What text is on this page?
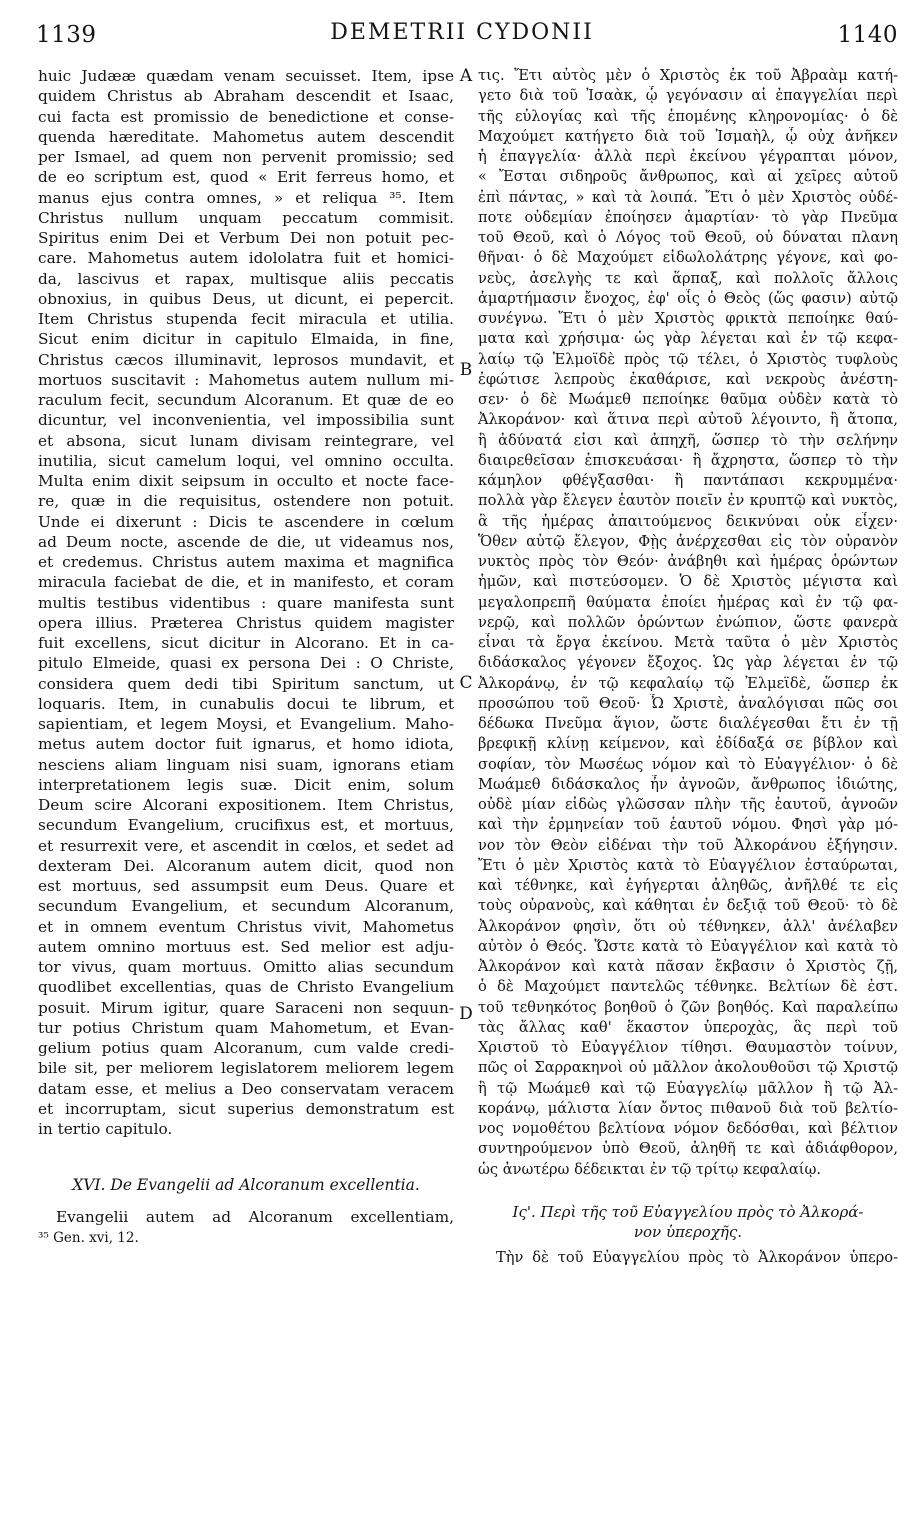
1139	DEMETRII CYDONII	1140
A
B
C
D
huic Judææ quædam venam secuisset. Item, ipse
quidem Christus ab Abraham descendit et Isaac,
cui facta est promissio de benedictione et conse-
quenda hæreditate. Mahometus autem descendit
per Ismael, ad quem non pervenit promissio; sed
de eo scriptum est, quod « Erit ferreus homo, et
manus ejus contra omnes, » et reliqua ³⁵. Item
Christus nullum unquam peccatum commisit.
Spiritus enim Dei et Verbum Dei non potuit pec-
care. Mahometus autem idololatra fuit et homici-
da, lascivus et rapax, multisque aliis peccatis
obnoxius, in quibus Deus, ut dicunt, ei pepercit.
Item Christus stupenda fecit miracula et utilia.
Sicut enim dicitur in capitulo Elmaida, in fine,
Christus cæcos illuminavit, leprosos mundavit, et
mortuos suscitavit : Mahometus autem nullum mi-
raculum fecit, secundum Alcoranum. Et quæ de eo
dicuntur, vel inconvenientia, vel impossibilia sunt
et absona, sicut lunam divisam reintegrare, vel
inutilia, sicut camelum loqui, vel omnino occulta.
Multa enim dixit seipsum in occulto et nocte face-
re, quæ in die requisitus, ostendere non potuit.
Unde ei dixerunt : Dicis te ascendere in cœlum
ad Deum nocte, ascende de die, ut videamus nos,
et credemus. Christus autem maxima et magnifica
miracula faciebat de die, et in manifesto, et coram
multis testibus videntibus : quare manifesta sunt
opera illius. Præterea Christus quidem magister
fuit excellens, sicut dicitur in Alcorano. Et in ca-
pitulo Elmeide, quasi ex persona Dei : O Christe,
considera quem dedi tibi Spiritum sanctum, ut
loquaris. Item, in cunabulis docui te librum, et
sapientiam, et legem Moysi, et Evangelium. Maho-
metus autem doctor fuit ignarus, et homo idiota,
nesciens aliam linguam nisi suam, ignorans etiam
interpretationem legis suæ. Dicit enim, solum
Deum scire Alcorani expositionem. Item Christus,
secundum Evangelium, crucifixus est, et mortuus,
et resurrexit vere, et ascendit in cœlos, et sedet ad
dexteram Dei. Alcoranum autem dicit, quod non
est mortuus, sed assumpsit eum Deus. Quare et
secundum Evangelium, et secundum Alcoranum,
et in omnem eventum Christus vivit, Mahometus
autem omnino mortuus est. Sed melior est adju-
tor vivus, quam mortuus. Omitto alias secundum
quodlibet excellentias, quas de Christo Evangelium
posuit. Mirum igitur, quare Saraceni non sequun-
tur potius Christum quam Mahometum, et Evan-
gelium potius quam Alcoranum, cum valde credi-
bile sit, per meliorem legislatorem meliorem legem
datam esse, et melius a Deo conservatam veracem
et incorruptam, sicut superius demonstratum est
in tertio capitulo.
XVI. De Evangelii ad Alcoranum excellentia.
Evangelii autem ad Alcoranum excellentiam,
³⁵ Gen. xvi, 12.
τις. Ἔτι αὐτὸς μὲν ὁ Χριστὸς ἐκ τοῦ Ἀβραὰμ κατή-
γετο διὰ τοῦ Ἰσαὰκ, ᾧ γεγόνασιν αἱ ἐπαγγελίαι περὶ
τῆς εὐλογίας καὶ τῆς ἑπομένης κληρονομίας· ὁ δὲ
Μαχούμετ κατήγετο διὰ τοῦ Ἰσμαὴλ, ᾧ οὐχ ἀνῆκεν
ἡ ἐπαγγελία· ἀλλὰ περὶ ἐκείνου γέγραπται μόνον,
« Ἔσται σιδηροῦς ἄνθρωπος, καὶ αἱ χεῖρες αὐτοῦ
ἐπὶ πάντας, » καὶ τὰ λοιπά. Ἔτι ὁ μὲν Χριστὸς οὐδέ-
ποτε οὐδεμίαν ἐποίησεν ἁμαρτίαν· τὸ γὰρ Πνεῦμα
τοῦ Θεοῦ, καὶ ὁ Λόγος τοῦ Θεοῦ, οὐ δύναται πλανη
θῆναι· ὁ δὲ Μαχούμετ εἰδωλολάτρης γέγονε, καὶ φο-
νεὺς, ἀσελγὴς τε καὶ ἅρπαξ, καὶ πολλοῖς ἄλλοις
ἁμαρτήμασιν ἔνοχος, ἐφ' οἷς ὁ Θεὸς (ὥς φασιν) αὐτῷ
συνέγνω. Ἔτι ὁ μὲν Χριστὸς φρικτὰ πεποίηκε θαύ-
ματα καὶ χρήσιμα· ὡς γὰρ λέγεται καὶ ἐν τῷ κεφα-
λαίῳ τῷ Ἐλμοϊδὲ πρὸς τῷ τέλει, ὁ Χριστὸς τυφλοὺς
ἐφώτισε λεπροὺς ἐκαθάρισε, καὶ νεκροὺς ἀνέστη-
σεν· ὁ δὲ Μωάμεθ πεποίηκε θαῦμα οὐδὲν κατὰ τὸ
Ἀλκοράνον· καὶ ἅτινα περὶ αὐτοῦ λέγοιντο, ἢ ἄτοπα,
ἢ ἀδύνατά εἰσι καὶ ἀπηχῆ, ὥσπερ τὸ τὴν σελήνην
διαιρεθεῖσαν ἐπισκευάσαι· ἢ ἄχρηστα, ὥσπερ τὸ τὴν
κάμηλον φθέγξασθαι· ἢ παντάπασι κεκρυμμένα·
πολλὰ γὰρ ἔλεγεν ἑαυτὸν ποιεῖν ἐν κρυπτῷ καὶ νυκτὸς,
ἃ τῆς ἡμέρας ἀπαιτούμενος δεικνύναι οὐκ εἶχεν·
Ὅθεν αὐτῷ ἔλεγον, Φῂς ἀνέρχεσθαι εἰς τὸν οὐρανὸν
νυκτὸς πρὸς τὸν Θεόν· ἀνάβηθι καὶ ἡμέρας ὁρώντων
ἡμῶν, καὶ πιστεύσομεν. Ὁ δὲ Χριστὸς μέγιστα καὶ
μεγαλοπρεπῆ θαύματα ἐποίει ἡμέρας καὶ ἐν τῷ φα-
νερῷ, καὶ πολλῶν ὁρώντων ἐνώπιον, ὥστε φανερὰ
εἶναι τὰ ἔργα ἐκείνου. Μετὰ ταῦτα ὁ μὲν Χριστὸς
διδάσκαλος γέγονεν ἔξοχος. Ὡς γὰρ λέγεται ἐν τῷ
Ἀλκοράνῳ, ἐν τῷ κεφαλαίῳ τῷ Ἐλμεϊδὲ, ὥσπερ ἐκ
προσώπου τοῦ Θεοῦ· Ὦ Χριστὲ, ἀναλόγισαι πῶς σοι
δέδωκα Πνεῦμα ἅγιον, ὥστε διαλέγεσθαι ἔτι ἐν τῇ
βρεφικῇ κλίνῃ κείμενον, καὶ ἐδίδαξά σε βίβλον καὶ
σοφίαν, τὸν Μωσέως νόμον καὶ τὸ Εὐαγγέλιον· ὁ δὲ
Μωάμεθ διδάσκαλος ἦν ἀγνοῶν, ἄνθρωπος ἰδιώτης,
οὐδὲ μίαν εἰδὼς γλῶσσαν πλὴν τῆς ἑαυτοῦ, ἀγνοῶν
καὶ τὴν ἑρμηνείαν τοῦ ἑαυτοῦ νόμου. Φησὶ γὰρ μό-
νον τὸν Θεὸν εἰδέναι τὴν τοῦ Ἀλκοράνου ἐξήγησιν.
Ἔτι ὁ μὲν Χριστὸς κατὰ τὸ Εὐαγγέλιον ἐσταύρωται,
καὶ τέθνηκε, καὶ ἐγήγερται ἀληθῶς, ἀνῆλθέ τε εἰς
τοὺς οὐρανοὺς, καὶ κάθηται ἐν δεξιᾷ τοῦ Θεοῦ· τὸ δὲ
Ἀλκοράνον φησὶν, ὅτι οὐ τέθνηκεν, ἀλλ' ἀνέλαβεν
αὐτὸν ὁ Θεός. Ὥστε κατὰ τὸ Εὐαγγέλιον καὶ κατὰ τὸ
Ἀλκοράνον καὶ κατὰ πᾶσαν ἔκβασιν ὁ Χριστὸς ζῇ,
ὁ δὲ Μαχούμετ παντελῶς τέθνηκε. Βελτίων δὲ ἐστ.
τοῦ τεθνηκότος βοηθοῦ ὁ ζῶν βοηθός. Καὶ παραλείπω
τὰς ἄλλας καθ' ἕκαστον ὑπεροχὰς, ἃς περὶ τοῦ
Χριστοῦ τὸ Εὐαγγέλιον τίθησι. Θαυμαστὸν τοίνυν,
πῶς οἱ Σαρρακηνοὶ οὐ μᾶλλον ἀκολουθοῦσι τῷ Χριστῷ
ἢ τῷ Μωάμεθ καὶ τῷ Εὐαγγελίῳ μᾶλλον ἢ τῷ Ἀλ-
κοράνῳ, μάλιστα λίαν ὄντος πιθανοῦ διὰ τοῦ βελτίο-
νος νομοθέτου βελτίονα νόμον δεδόσθαι, καὶ βέλτιον
συντηρούμενον ὑπὸ Θεοῦ, ἀληθῆ τε καὶ ἀδιάφθορον,
ὡς ἀνωτέρω δέδεικται ἐν τῷ τρίτῳ κεφαλαίῳ.
Ις'. Περὶ τῆς τοῦ Εὐαγγελίου πρὸς τὸ Ἀλκορά-
νον ὑπεροχῆς.
Τὴν δὲ τοῦ Εὐαγγελίου πρὸς τὸ Ἀλκοράνον ὑπερο-
